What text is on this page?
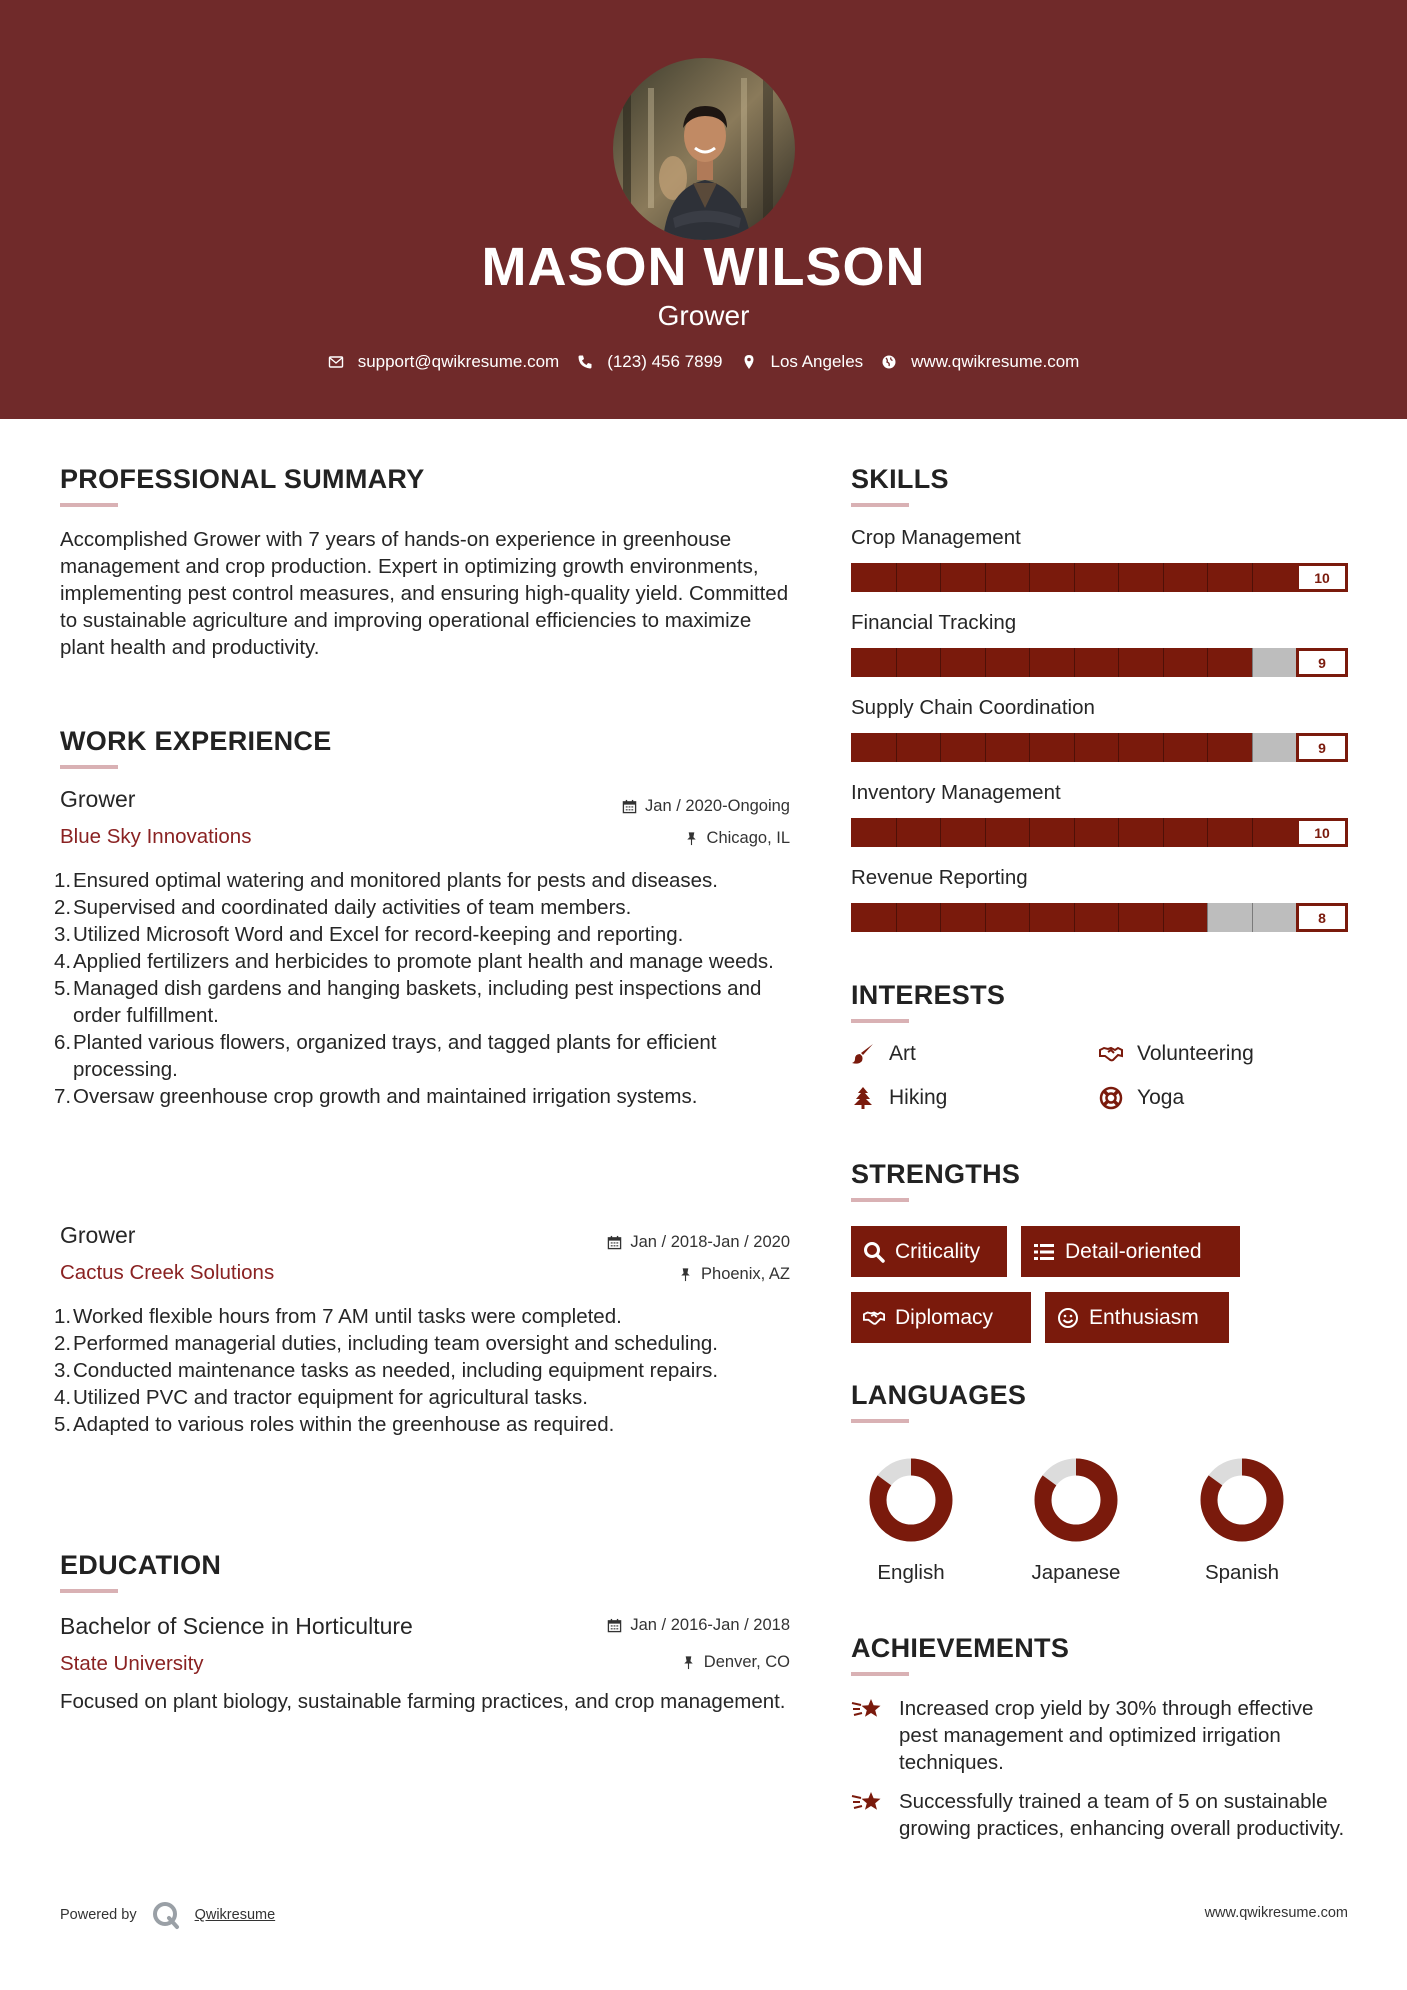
MASON WILSON
Grower
support@qwikresume.com	(123) 456 7899	Los Angeles	www.qwikresume.com
PROFESSIONAL SUMMARY
Accomplished Grower with 7 years of hands-on experience in greenhouse management and crop production. Expert in optimizing growth environments, implementing pest control measures, and ensuring high-quality yield. Committed to sustainable agriculture and improving operational efficiencies to maximize plant health and productivity.
WORK EXPERIENCE
Grower	Jan / 2020-Ongoing
Blue Sky Innovations	Chicago, IL
1. Ensured optimal watering and monitored plants for pests and diseases.
2. Supervised and coordinated daily activities of team members.
3. Utilized Microsoft Word and Excel for record-keeping and reporting.
4. Applied fertilizers and herbicides to promote plant health and manage weeds.
5. Managed dish gardens and hanging baskets, including pest inspections and order fulfillment.
6. Planted various flowers, organized trays, and tagged plants for efficient processing.
7. Oversaw greenhouse crop growth and maintained irrigation systems.
Grower	Jan / 2018-Jan / 2020
Cactus Creek Solutions	Phoenix, AZ
1. Worked flexible hours from 7 AM until tasks were completed.
2. Performed managerial duties, including team oversight and scheduling.
3. Conducted maintenance tasks as needed, including equipment repairs.
4. Utilized PVC and tractor equipment for agricultural tasks.
5. Adapted to various roles within the greenhouse as required.
EDUCATION
Bachelor of Science in Horticulture	Jan / 2016-Jan / 2018
State University	Denver, CO
Focused on plant biology, sustainable farming practices, and crop management.
SKILLS
Crop Management
10
Financial Tracking
9
Supply Chain Coordination
9
Inventory Management
10
Revenue Reporting
8
INTERESTS
Art	Volunteering
Hiking	Yoga
STRENGTHS
Criticality	Detail-oriented
Diplomacy	Enthusiasm
LANGUAGES
English	Japanese	Spanish
ACHIEVEMENTS
Increased crop yield by 30% through effective pest management and optimized irrigation techniques.
Successfully trained a team of 5 on sustainable growing practices, enhancing overall productivity.
Powered by	Qwikresume	www.qwikresume.com
